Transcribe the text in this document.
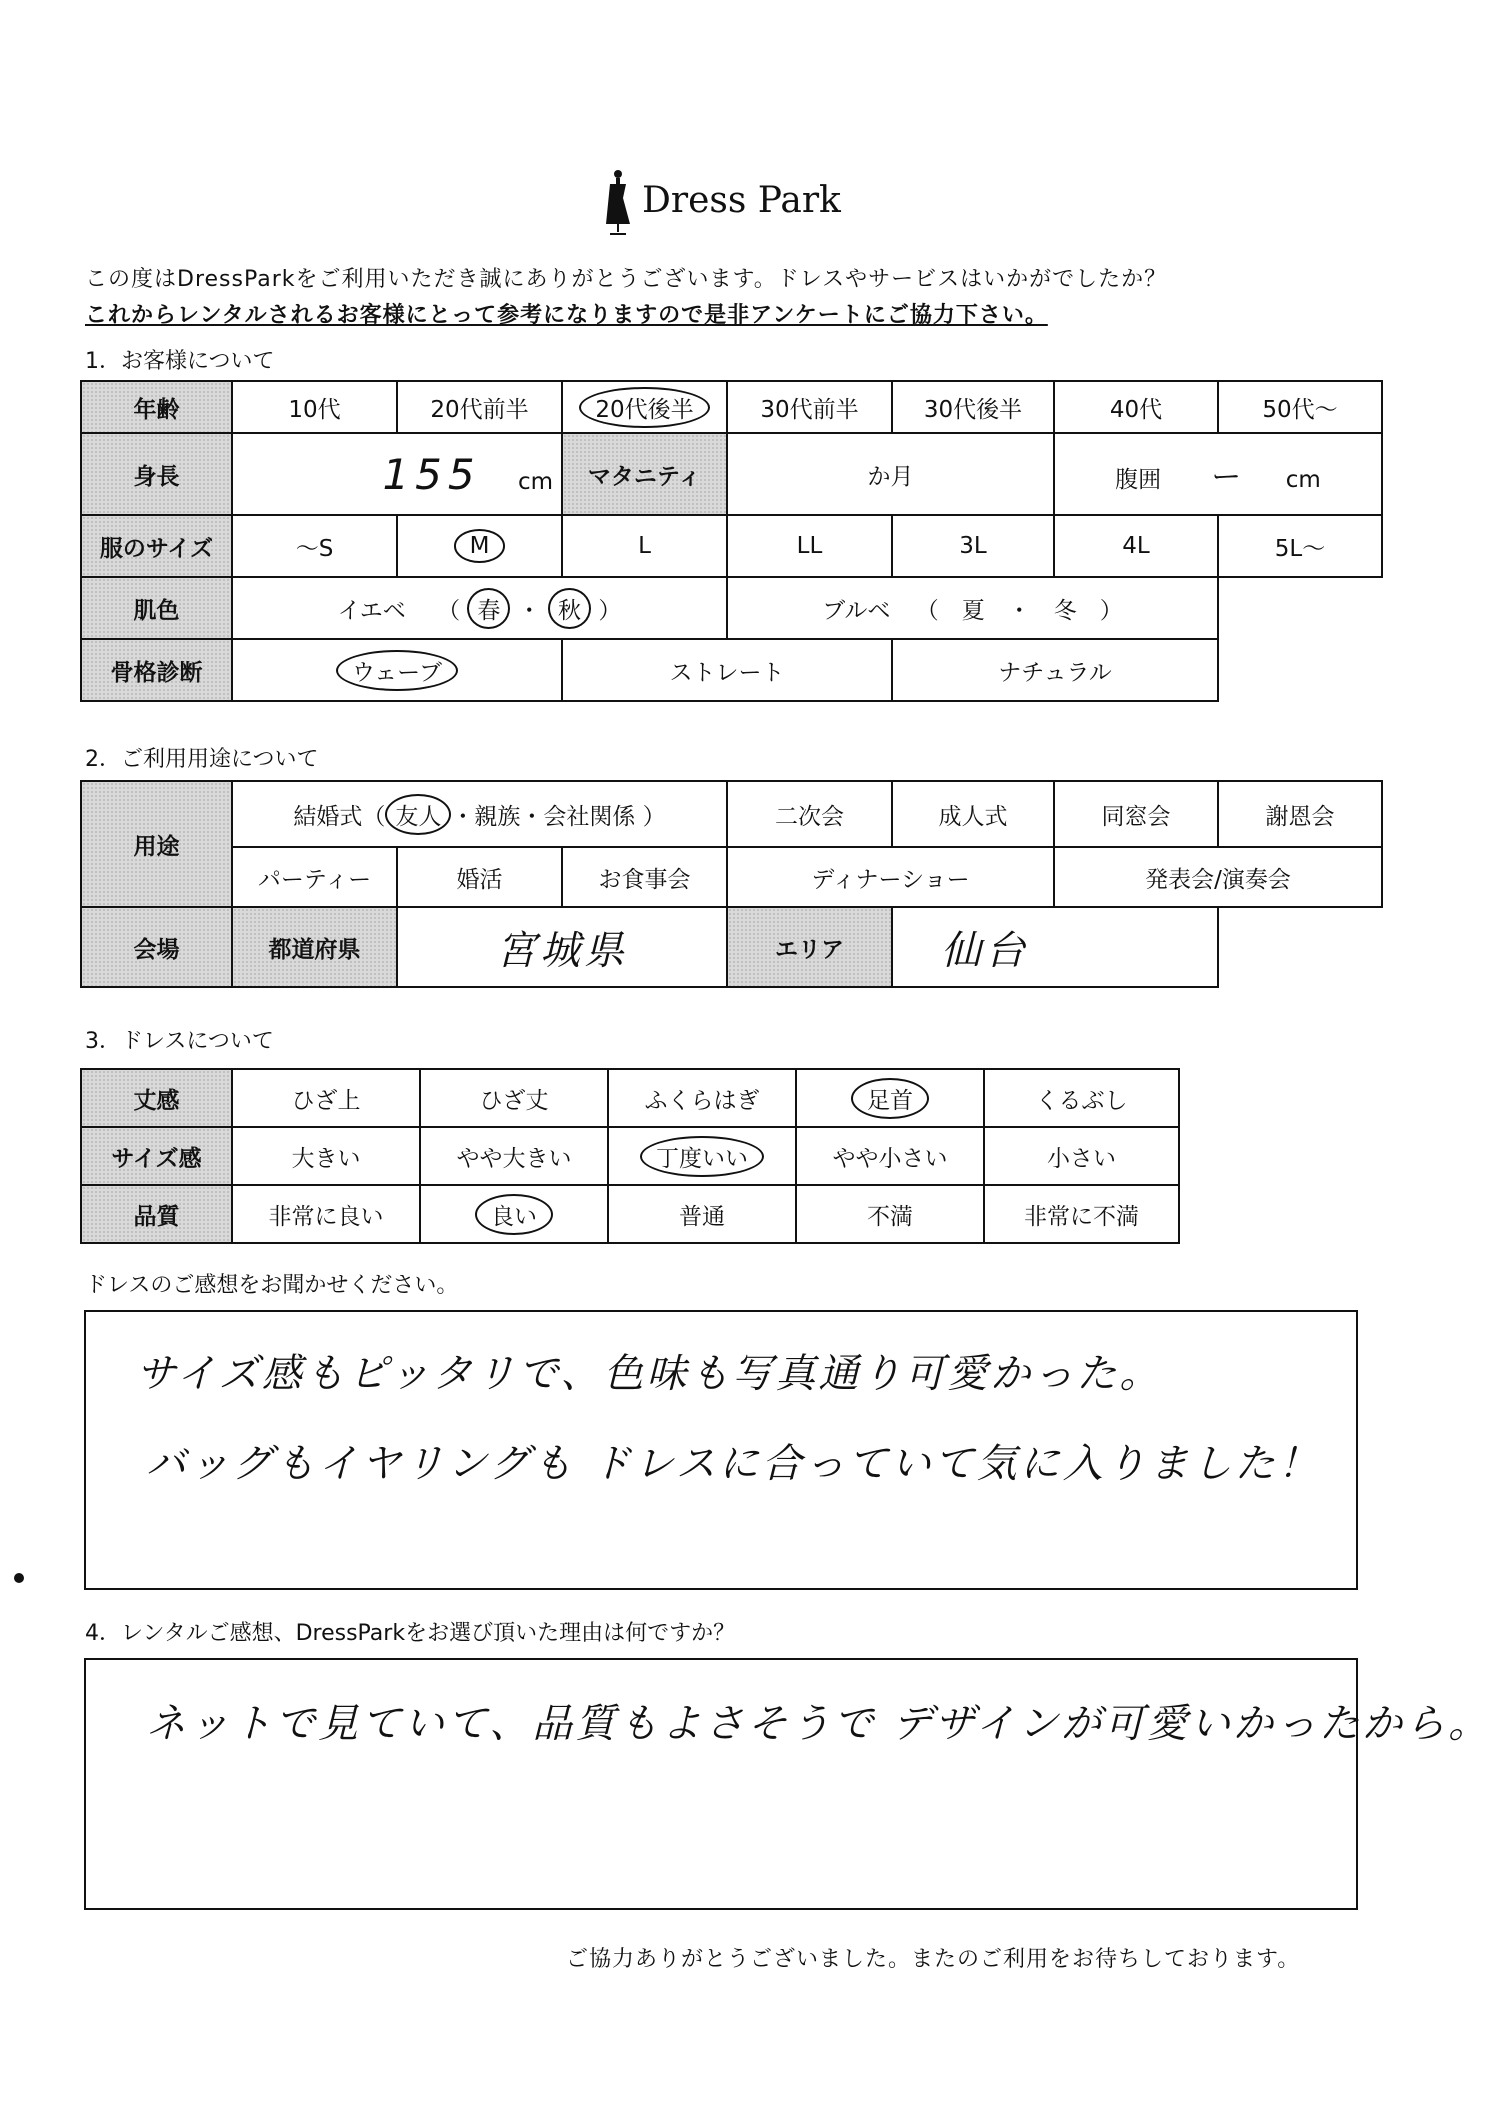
Dress Park
この度はDressParkをご利用いただき誠にありがとうございます。ドレスやサービスはいかがでしたか？
これからレンタルされるお客様にとって参考になりますので是非アンケートにご協力下さい。
1．お客様について
年齢	10代	20代前半	20代後半	30代前半	30代後半	40代	50代～
身長	155 cm		マタニティ	か月		腹囲 ー cm	
服のサイズ	～S	M	L	LL	3L	4L	5L～
肌色	イエベ （ 春 ・ 秋 ）			ブルベ （　夏　・　冬　）			
骨格診断	ウェーブ		ストレート		ナチュラル		
2．ご利用用途について
用途	結婚式（ 友人 ・親族・会社関係 ）			二次会	成人式	同窓会	謝恩会
	パーティー	婚活	お食事会	ディナーショー		発表会/演奏会	
会場	都道府県	宮城県		エリア	仙台		
3．ドレスについて
丈感	ひざ上	ひざ丈	ふくらはぎ	足首	くるぶし
サイズ感	大きい	やや大きい	丁度いい	やや小さい	小さい
品質	非常に良い	良い	普通	不満	非常に不満
ドレスのご感想をお聞かせください。
サイズ感もピッタリで、色味も写真通り可愛かった。
バッグもイヤリングも ドレスに合っていて気に入りました！
4．レンタルご感想、DressParkをお選び頂いた理由は何ですか？
ネットで見ていて、品質もよさそうで デザインが可愛いかったから。
ご協力ありがとうございました。またのご利用をお待ちしております。
